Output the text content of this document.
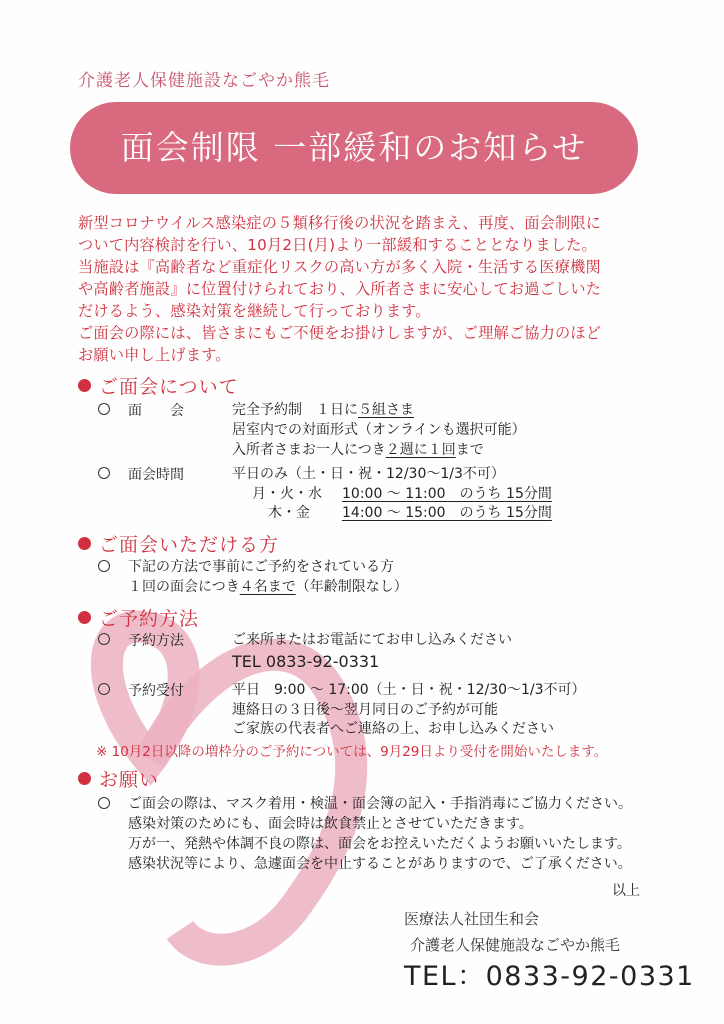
介護老人保健施設なごやか熊毛
面会制限 一部緩和のお知らせ

新型コロナウイルス感染症の５類移行後の状況を踏まえ、再度、面会制限に

ついて内容検討を行い、10月2日(月)より一部緩和することとなりました。

当施設は『高齢者など重症化リスクの高い方が多く入院・生活する医療機関

や高齢者施設』に位置付けられており、入所者さまに安心してお過ごしいた

だけるよう、感染対策を継続して行っております。

ご面会の際には、皆さまにもご不便をお掛けしますが、ご理解ご協力のほど

お願い申し上げます。

ご面会について
面　　会	完全予約制　１日に５組さま
居室内での対面形式（オンラインも選択可能）
入所者さまお一人につき２週に１回まで
面会時間	平日のみ（土・日・祝・12/30〜1/3不可）
月・火・水 10:00 〜 11:00　のうち 15分間
木・金 14:00 〜 15:00　のうち 15分間
ご面会いただける方
下記の方法で事前にご予約をされている方
１回の面会につき４名まで（年齢制限なし）
ご予約方法
予約方法	ご来所またはお電話にてお申し込みください
TEL 0833-92-0331
予約受付	平日　9:00 〜 17:00（土・日・祝・12/30〜1/3不可）
連絡日の３日後〜翌月同日のご予約が可能
ご家族の代表者へご連絡の上、お申し込みください
※ 10月2日以降の増枠分のご予約については、9月29日より受付を開始いたします。
お願い
ご面会の際は、マスク着用・検温・面会簿の記入・手指消毒にご協力ください。
感染対策のためにも、面会時は飲食禁止とさせていただきます。
万が一、発熱や体調不良の際は、面会をお控えいただくようお願いいたします。
感染状況等により、急遽面会を中止することがありますので、ご了承ください。
以上
医療法人社団生和会
介護老人保健施設なごやか熊毛
TEL：0833-92-0331
